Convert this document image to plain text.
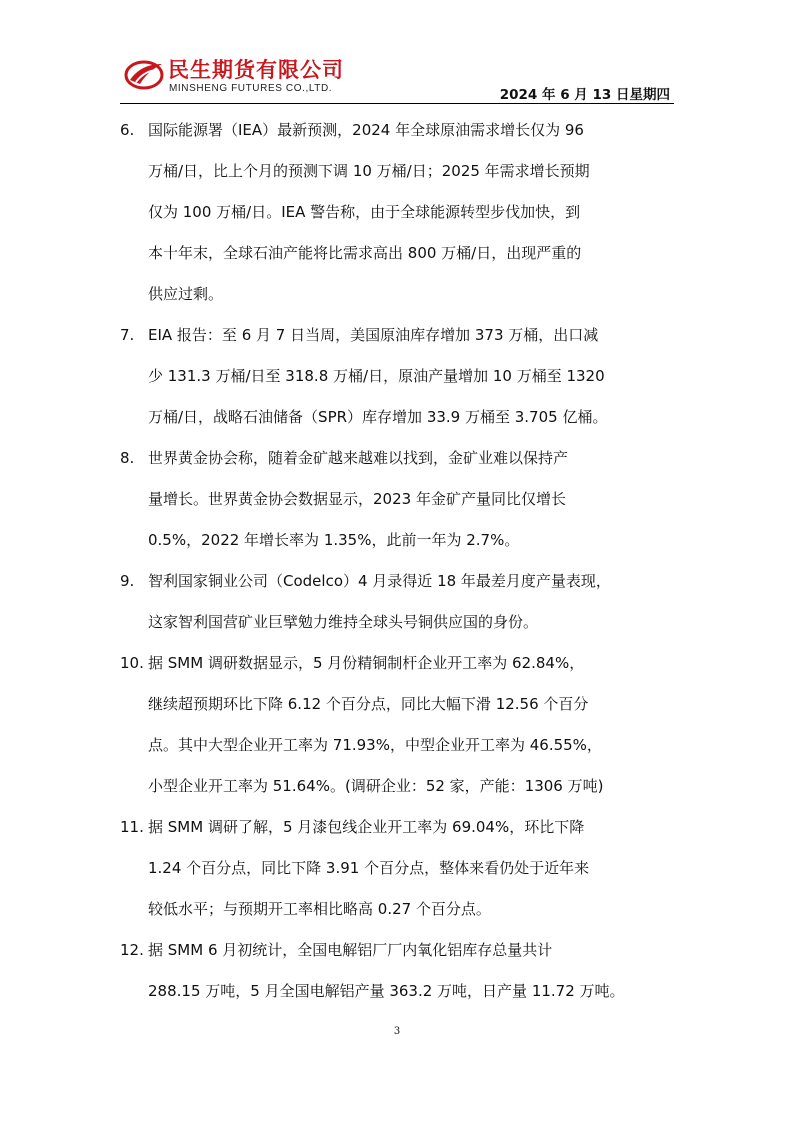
民生期货有限公司
MINSHENG FUTURES CO.,LTD.	2024 年 6 月 13 日星期四
6. 国际能源署（IEA）最新预测，2024 年全球原油需求增长仅为 96
万桶/日，比上个月的预测下调 10 万桶/日；2025 年需求增长预期
仅为 100 万桶/日。IEA 警告称，由于全球能源转型步伐加快，到
本十年末，全球石油产能将比需求高出 800 万桶/日，出现严重的
供应过剩。
7. EIA 报告：至 6 月 7 日当周，美国原油库存增加 373 万桶，出口减
少 131.3 万桶/日至 318.8 万桶/日，原油产量增加 10 万桶至 1320
万桶/日，战略石油储备（SPR）库存增加 33.9 万桶至 3.705 亿桶。
8. 世界黄金协会称，随着金矿越来越难以找到，金矿业难以保持产
量增长。世界黄金协会数据显示，2023 年金矿产量同比仅增长
0.5%，2022 年增长率为 1.35%，此前一年为 2.7%。
9. 智利国家铜业公司（Codelco）4 月录得近 18 年最差月度产量表现，
这家智利国营矿业巨擘勉力维持全球头号铜供应国的身份。
10. 据 SMM 调研数据显示，5 月份精铜制杆企业开工率为 62.84%，
继续超预期环比下降 6.12 个百分点，同比大幅下滑 12.56 个百分
点。其中大型企业开工率为 71.93%，中型企业开工率为 46.55%，
小型企业开工率为 51.64%。(调研企业：52 家，产能：1306 万吨)
11. 据 SMM 调研了解，5 月漆包线企业开工率为 69.04%，环比下降
1.24 个百分点，同比下降 3.91 个百分点，整体来看仍处于近年来
较低水平；与预期开工率相比略高 0.27 个百分点。
12. 据 SMM 6 月初统计，全国电解铝厂厂内氧化铝库存总量共计
288.15 万吨，5 月全国电解铝产量 363.2 万吨，日产量 11.72 万吨。
3
